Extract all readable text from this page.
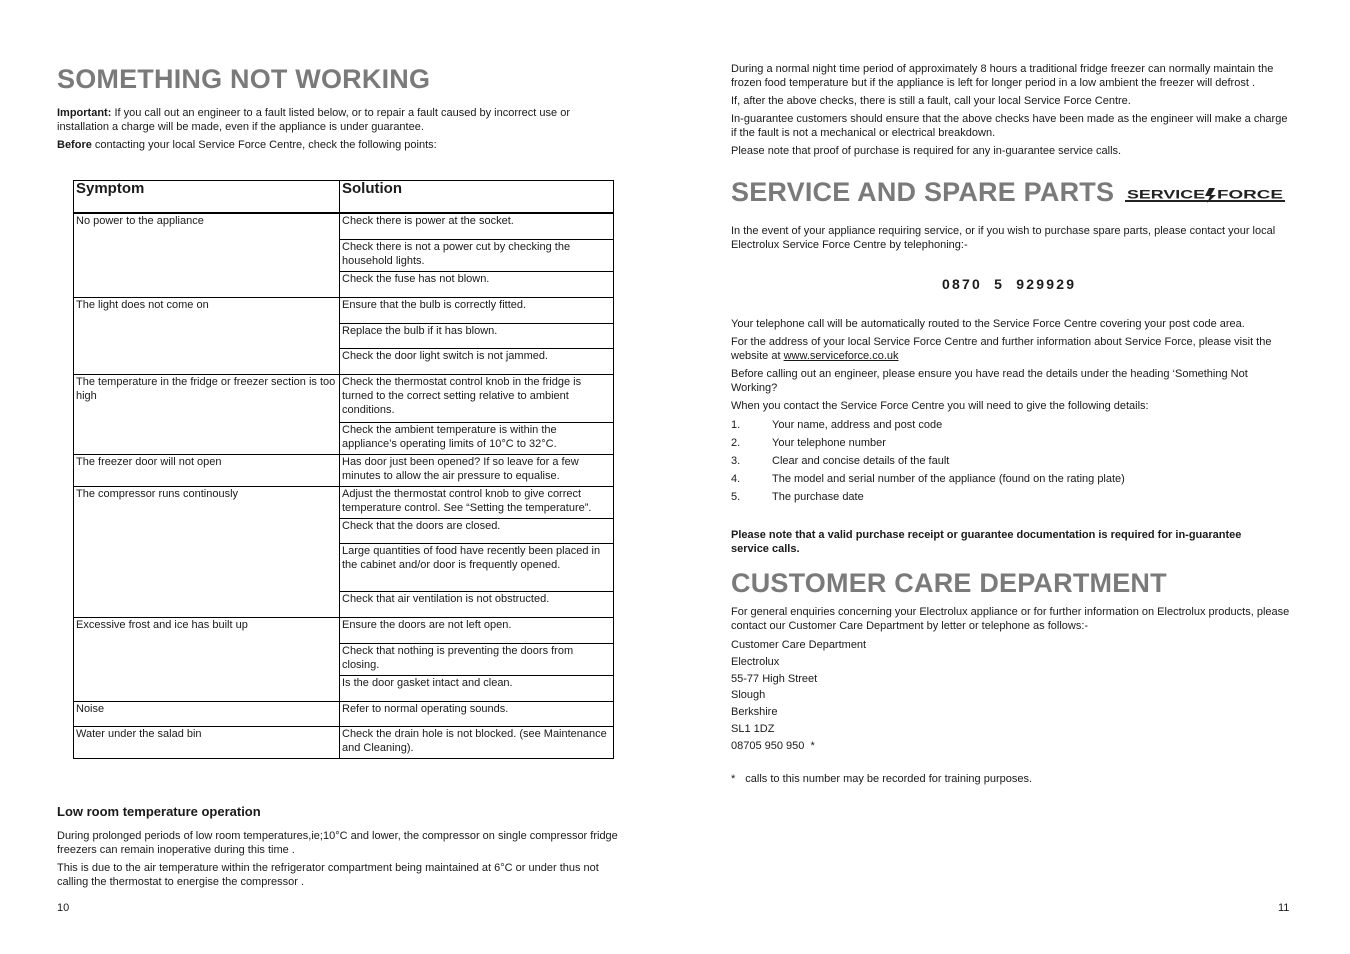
SOMETHING NOT WORKING

Important: If you call out an engineer to a fault listed below, or to repair a fault caused by incorrect use or installation a charge will be made, even if the appliance is under guarantee.

Before contacting your local Service Force Centre, check the following points:

Symptom	Solution
No power to the appliance	Check there is power at the socket.
	Check there is not a power cut by checking the household lights.
	Check the fuse has not blown.
The light does not come on	Ensure that the bulb is correctly fitted.
	Replace the bulb if it has blown.
	Check the door light switch is not jammed.
The temperature in the fridge or freezer section is too high	Check the thermostat control knob in the fridge is turned to the correct setting relative to ambient conditions.
	Check the ambient temperature is within the appliance’s operating limits of 10°C to 32°C.
The freezer door will not open	Has door just been opened? If so leave for a few minutes to allow the air pressure to equalise.
The compressor runs continously	Adjust the thermostat control knob to give correct temperature control. See “Setting the temperature”.
	Check that the doors are closed.
	Large quantities of food have recently been placed in the cabinet and/or door is frequently opened.
	Check that air ventilation is not obstructed.
Excessive frost and ice has built up	Ensure the doors are not left open.
	Check that nothing is preventing the doors from closing.
	Is the door gasket intact and clean.
Noise	Refer to normal operating sounds.
Water under the salad bin	Check the drain hole is not blocked. (see Maintenance and Cleaning).
Low room temperature operation

During prolonged periods of low room temperatures,ie;10°C and lower, the compressor on single compressor fridge freezers can remain inoperative during this time .

This is due to the air temperature within the refrigerator compartment being maintained at 6°C or under thus not calling the thermostat to energise the compressor .

10

During a normal night time period of approximately 8 hours a traditional fridge freezer can normally maintain the frozen food temperature but if the appliance is left for longer period in a low ambient the freezer will defrost .

If, after the above checks, there is still a fault, call your local Service Force Centre.

In-guarantee customers should ensure that the above checks have been made as the engineer will make a charge if the fault is not a mechanical or electrical breakdown.

Please note that proof of purchase is required for any in-guarantee service calls.

SERVICE AND SPARE PARTS SERVICE FORCE

In the event of your appliance requiring service, or if you wish to purchase spare parts, please contact your local Electrolux Service Force Centre by telephoning:-

0870  5  929929

Your telephone call will be automatically routed to the Service Force Centre covering your post code area.

For the address of your local Service Force Centre and further information about Service Force, please visit the website at www.serviceforce.co.uk

Before calling out an engineer, please ensure you have read the details under the heading ‘Something Not Working?

When you contact the Service Force Centre you will need to give the following details:

1.	Your name, address and post code
2.	Your telephone number
3.	Clear and concise details of the fault
4.	The model and serial number of the appliance (found on the rating plate)
5.	The purchase date
Please note that a valid purchase receipt or guarantee documentation is required for in-guarantee service calls.
CUSTOMER CARE DEPARTMENT

For general enquiries concerning your Electrolux appliance or for further information on Electrolux products, please contact our Customer Care Department by letter or telephone as follows:-

Customer Care Department
Electrolux
55-77 High Street
Slough
Berkshire
SL1 1DZ
08705 950 950  *
* calls to this number may be recorded for training purposes.
11
